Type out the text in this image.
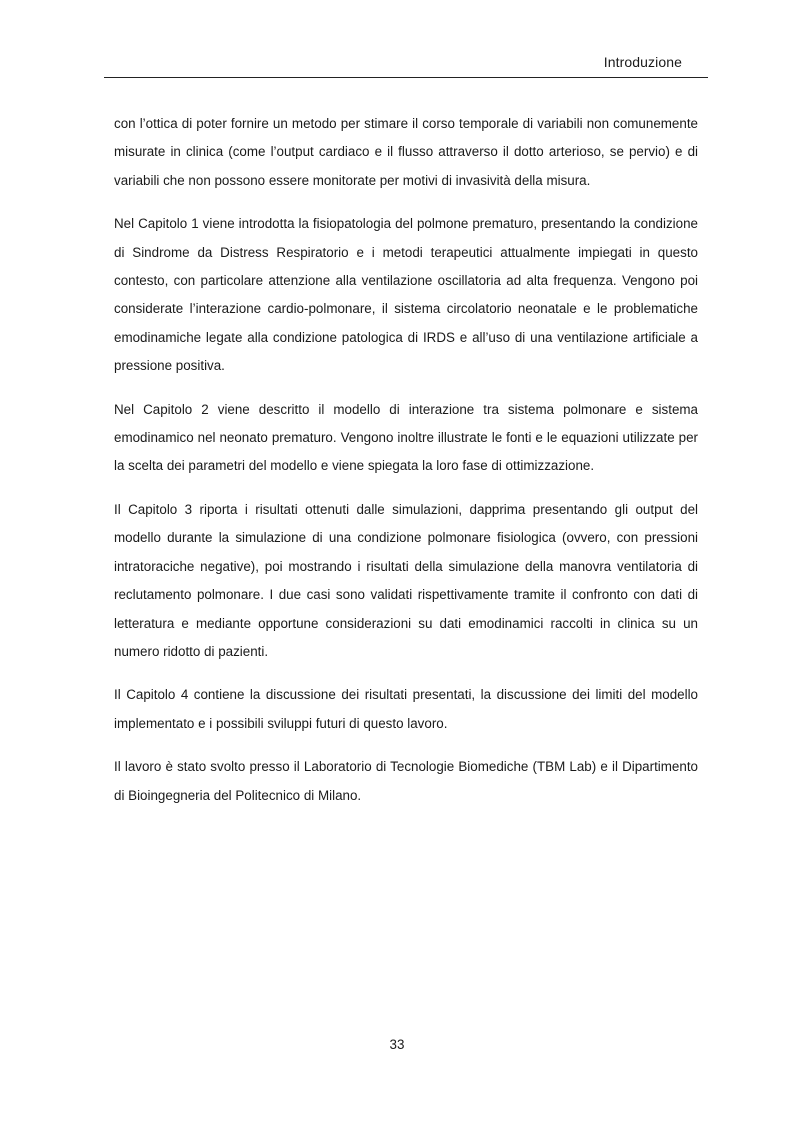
Introduzione

con l’ottica di poter fornire un metodo per stimare il corso temporale di variabili non comunemente misurate in clinica (come l’output cardiaco e il flusso attraverso il dotto arterioso, se pervio) e di variabili che non possono essere monitorate per motivi di invasività della misura.

Nel Capitolo 1 viene introdotta la fisiopatologia del polmone prematuro, presentando la condizione di Sindrome da Distress Respiratorio e i metodi terapeutici attualmente impiegati in questo contesto, con particolare attenzione alla ventilazione oscillatoria ad alta frequenza. Vengono poi considerate l’interazione cardio-polmonare, il sistema circolatorio neonatale e le problematiche emodinamiche legate alla condizione patologica di IRDS e all’uso di una ventilazione artificiale a pressione positiva.

Nel Capitolo 2 viene descritto il modello di interazione tra sistema polmonare e sistema emodinamico nel neonato prematuro. Vengono inoltre illustrate le fonti e le equazioni utilizzate per la scelta dei parametri del modello e viene spiegata la loro fase di ottimizzazione.

Il Capitolo 3 riporta i risultati ottenuti dalle simulazioni, dapprima presentando gli output del modello durante la simulazione di una condizione polmonare fisiologica (ovvero, con pressioni intratoraciche negative), poi mostrando i risultati della simulazione della manovra ventilatoria di reclutamento polmonare. I due casi sono validati rispettivamente tramite il confronto con dati di letteratura e mediante opportune considerazioni su dati emodinamici raccolti in clinica su un numero ridotto di pazienti.

Il Capitolo 4 contiene la discussione dei risultati presentati, la discussione dei limiti del modello implementato e i possibili sviluppi futuri di questo lavoro.

Il lavoro è stato svolto presso il Laboratorio di Tecnologie Biomediche (TBM Lab) e il Dipartimento di Bioingegneria del Politecnico di Milano.

33
